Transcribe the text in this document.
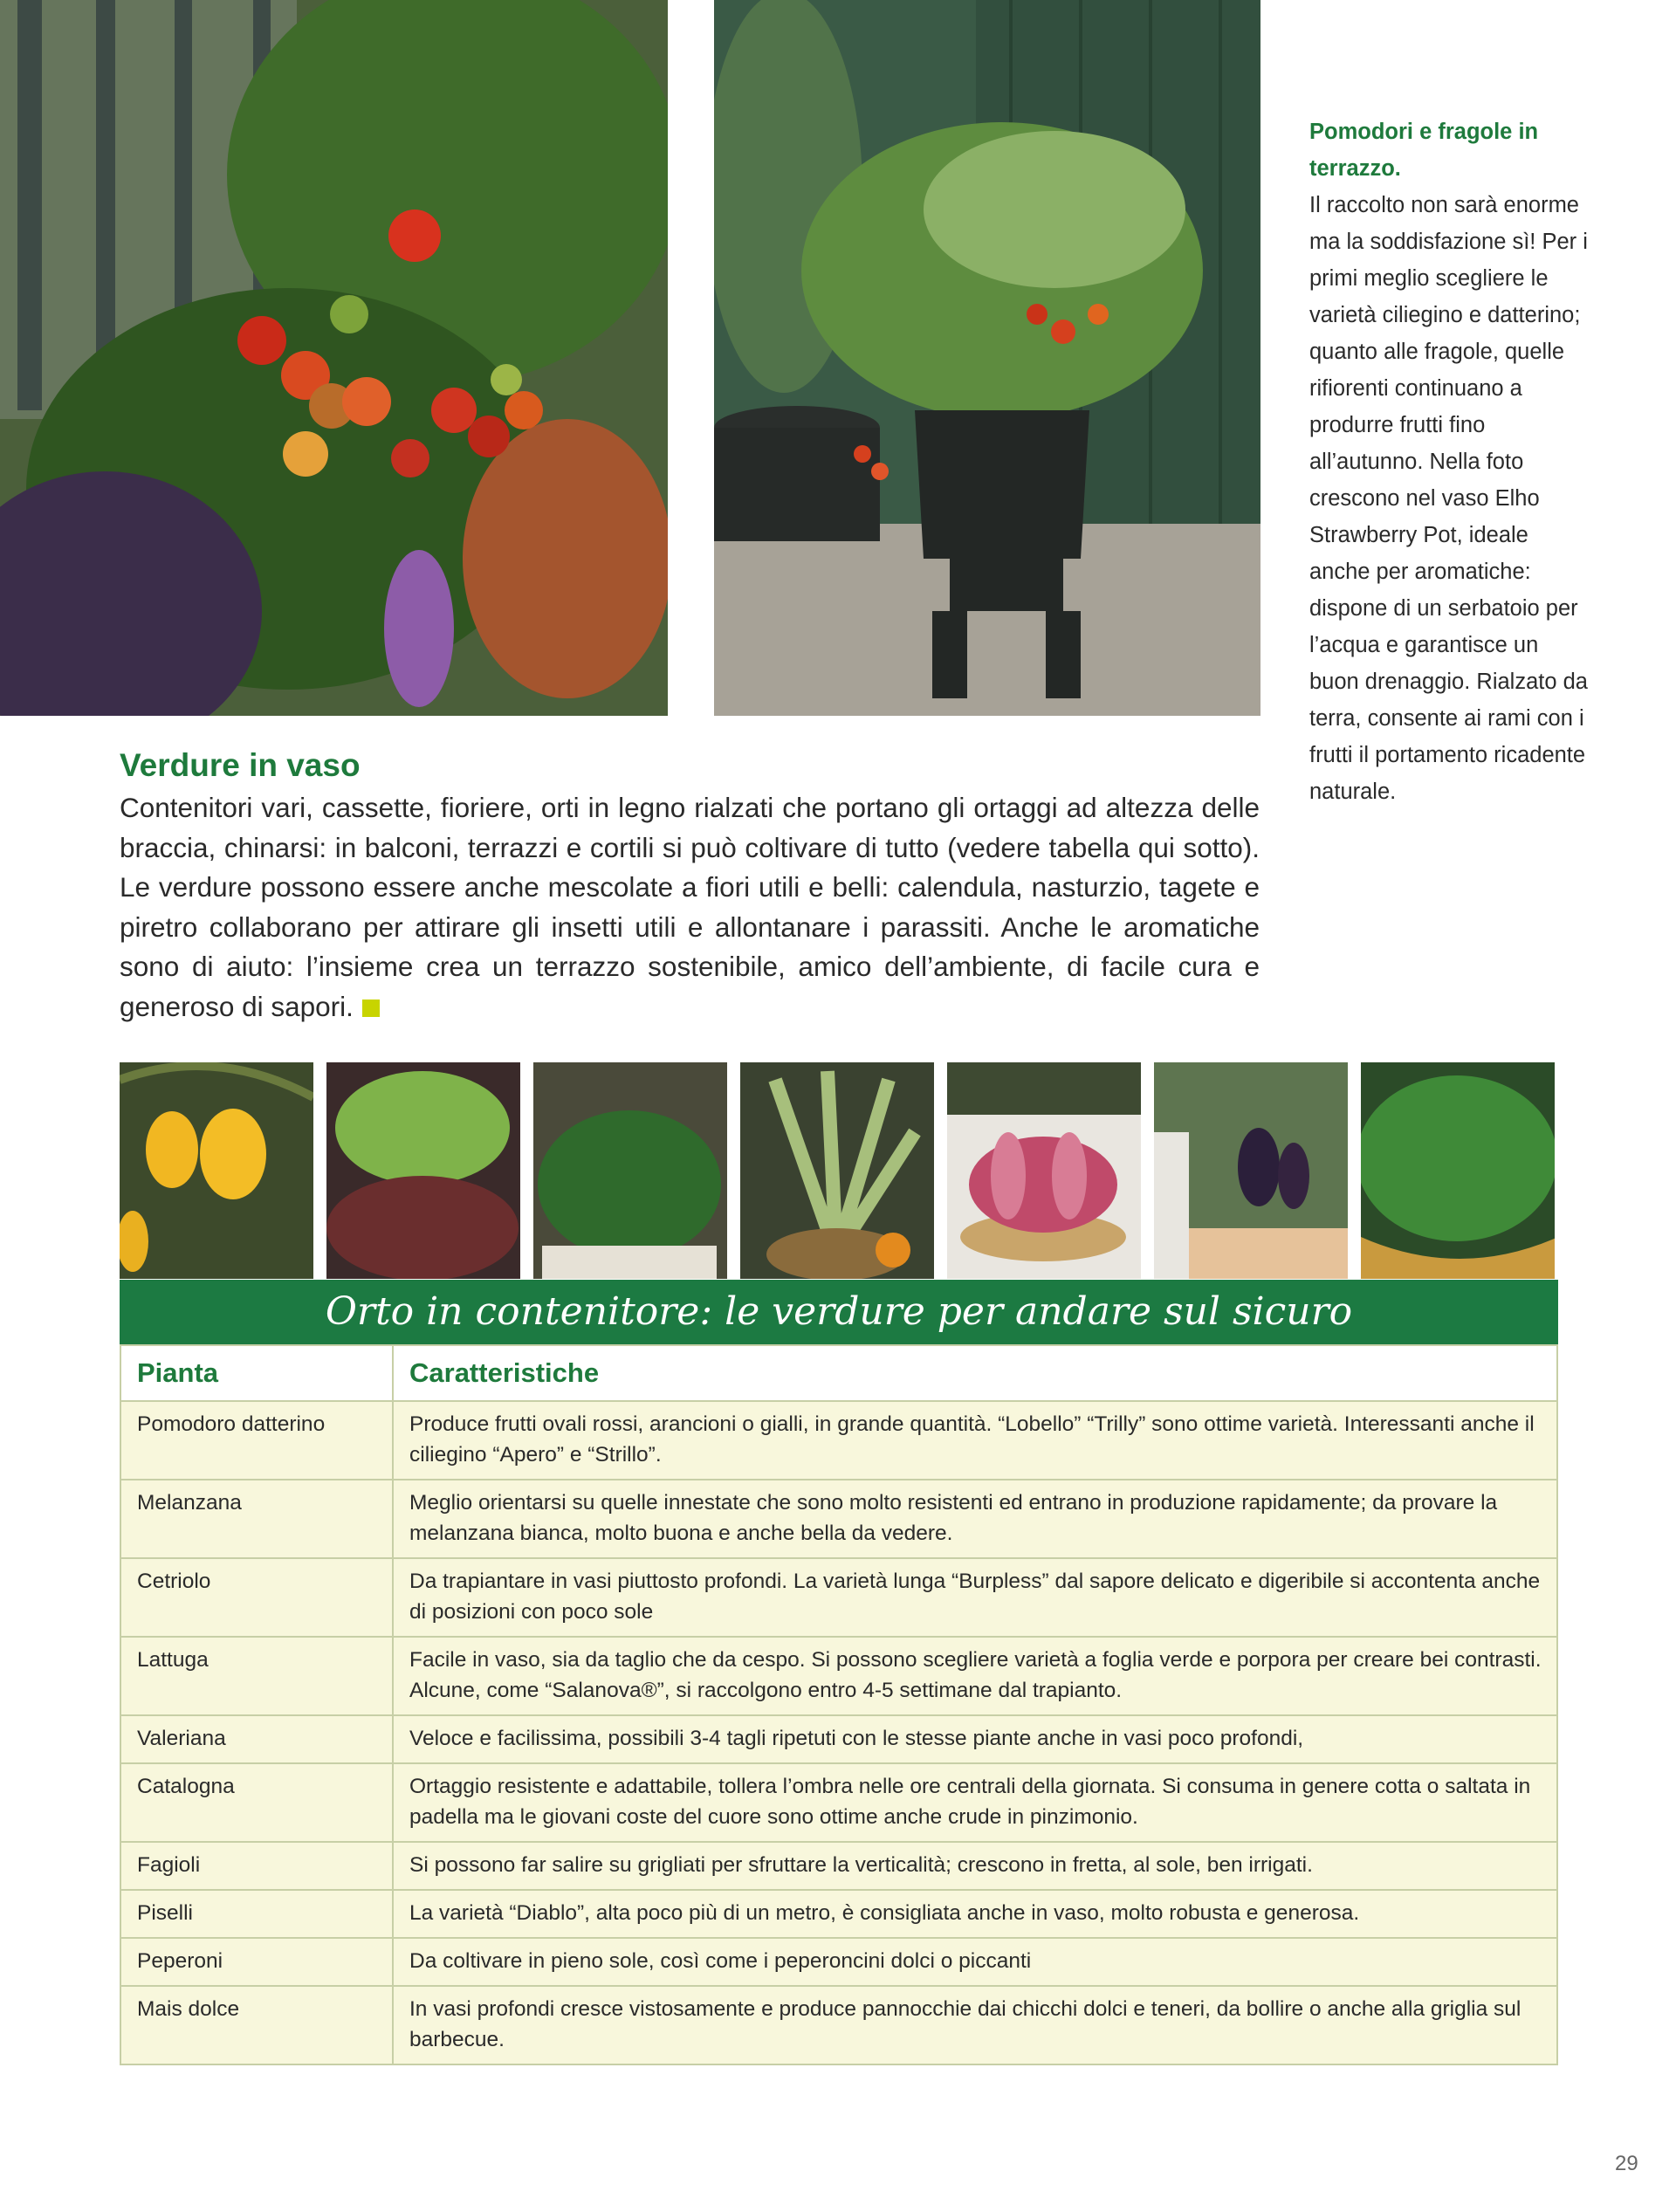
Pomodori e fragole in terrazzo.
Il raccolto non sarà enorme ma la soddisfazione sì! Per i primi meglio scegliere le varietà ciliegino e datterino; quanto alle fragole, quelle rifiorenti continuano a produrre frutti fino all’autunno. Nella foto crescono nel vaso Elho Strawberry Pot, ideale anche per aromatiche: dispone di un serbatoio per l’acqua e garantisce un buon drenaggio. Rialzato da terra, consente ai rami con i frutti il portamento ricadente naturale.
Verdure in vaso

Contenitori vari, cassette, fioriere, orti in legno rialzati che portano gli ortaggi ad altezza delle braccia, chinarsi: in balconi, terrazzi e cortili si può coltivare di tutto (vedere tabella qui sotto). Le verdure possono essere anche mescolate a fiori utili e belli: calendula, nasturzio, tagete e piretro collaborano per attirare gli insetti utili e allontanare i parassiti. Anche le aromatiche sono di aiuto: l’insieme crea un terrazzo sostenibile, amico dell’ambiente, di facile cura e generoso di sapori.

Orto in contenitore: le verdure per andare sul sicuro
Pianta	Caratteristiche
Pomodoro datterino	Produce frutti ovali rossi, arancioni o gialli, in grande quantità. “Lobello” “Trilly” sono ottime varietà. Interessanti anche il ciliegino “Apero” e “Strillo”.
Melanzana	Meglio orientarsi su quelle innestate che sono molto resistenti ed entrano in produzione rapidamente; da provare la melanzana bianca, molto buona e anche bella da vedere.
Cetriolo	Da trapiantare in vasi piuttosto profondi. La varietà lunga “Burpless” dal sapore delicato e digeribile si accontenta anche di posizioni con poco sole
Lattuga	Facile in vaso, sia da taglio che da cespo. Si possono scegliere varietà a foglia verde e porpora per creare bei contrasti. Alcune, come “Salanova®”, si raccolgono entro 4-5 settimane dal trapianto.
Valeriana	Veloce e facilissima, possibili 3-4 tagli ripetuti con le stesse piante anche in vasi poco profondi,
Catalogna	Ortaggio resistente e adattabile, tollera l’ombra nelle ore centrali della giornata. Si consuma in genere cotta o saltata in padella ma le giovani coste del cuore sono ottime anche crude in pinzimonio.
Fagioli	Si possono far salire su grigliati per sfruttare la verticalità; crescono in fretta, al sole, ben irrigati.
Piselli	La varietà “Diablo”, alta poco più di un metro, è consigliata anche in vaso, molto robusta e generosa.
Peperoni	Da coltivare in pieno sole, così come i peperoncini dolci o piccanti
Mais dolce	In vasi profondi cresce vistosamente e produce pannocchie dai chicchi dolci e teneri, da bollire o anche alla griglia sul barbecue.
29
